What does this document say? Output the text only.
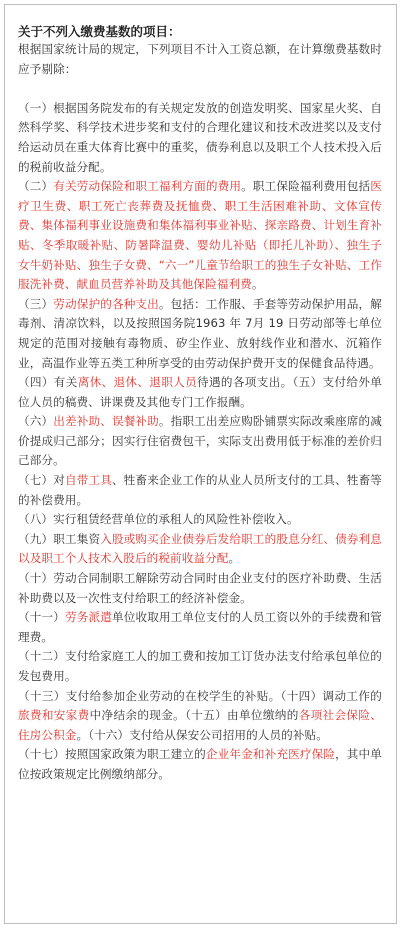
关于不列入缴费基数的项目：

根据国家统计局的规定，下列项目不计入工资总额，在计算缴费基数时应予剔除：

（一）根据国务院发布的有关规定发放的创造发明奖、国家星火奖、自然科学奖、科学技术进步奖和支付的合理化建议和技术改进奖以及支付给运动员在重大体育比赛中的重奖，债券利息以及职工个人技术投入后的税前收益分配。

（二）有关劳动保险和职工福利方面的费用。职工保险福利费用包括医疗卫生费、职工死亡丧葬费及抚恤费、职工生活困难补助、文体宣传费、集体福利事业设施费和集体福利事业补贴、探亲路费、计划生育补贴、冬季取暖补贴、防暑降温费、婴幼儿补贴（即托儿补助）、独生子女牛奶补贴、独生子女费、“六一”儿童节给职工的独生子女补贴、工作服洗补费、献血员营养补助及其他保险福利费。

（三）劳动保护的各种支出。包括：工作服、手套等劳动保护用品，解毒剂、清凉饮料，以及按照国务院1963 年 7月 19 日劳动部等七单位规定的范围对接触有毒物质、矽尘作业、放射线作业和潜水、沉箱作业，高温作业等五类工种所享受的由劳动保护费开支的保健食品待遇。

（四）有关离休、退休、退职人员待遇的各项支出。（五）支付给外单位人员的稿费、讲课费及其他专门工作报酬。

（六）出差补助、误餐补助。指职工出差应购卧铺票实际改乘座席的减价提成归己部分；因实行住宿费包干，实际支出费用低于标准的差价归己部分。

（七）对自带工具、牲畜来企业工作的从业人员所支付的工具、牲畜等的补偿费用。

（八）实行租赁经营单位的承租人的风险性补偿收入。

（九）职工集资入股或购买企业债券后发给职工的股息分红、债券利息以及职工个人技术入股后的税前收益分配。

（十）劳动合同制职工解除劳动合同时由企业支付的医疗补助费、生活补助费以及一次性支付给职工的经济补偿金。

（十一）劳务派遣单位收取用工单位支付的人员工资以外的手续费和管理费。

（十二）支付给家庭工人的加工费和按加工订货办法支付给承包单位的发包费用。

（十三）支付给参加企业劳动的在校学生的补贴。（十四）调动工作的旅费和安家费中净结余的现金。（十五）由单位缴纳的各项社会保险、住房公积金。（十六）支付给从保安公司招用的人员的补贴。

（十七）按照国家政策为职工建立的企业年金和补充医疗保险，其中单位按政策规定比例缴纳部分。
